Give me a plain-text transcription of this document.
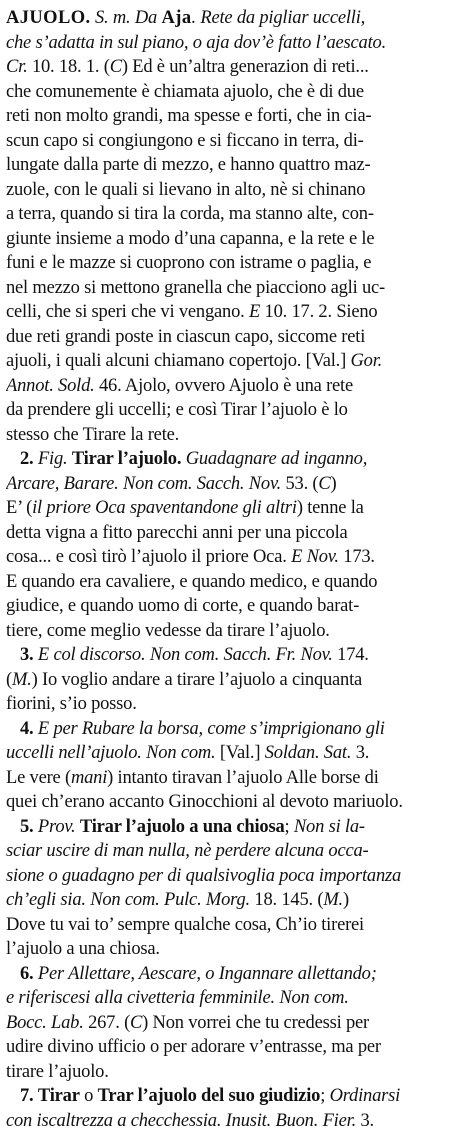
AJUOLO. S. m. Da Aja. Rete da pigliar uccelli,
che s’adatta in sul piano, o aja dov’è fatto l’aescato.
Cr. 10. 18. 1. (C) Ed è un’altra generazion di reti...
che comunemente è chiamata ajuolo, che è di due
reti non molto grandi, ma spesse e forti, che in cia-
scun capo si congiungono e si ficcano in terra, di-
lungate dalla parte di mezzo, e hanno quattro maz-
zuole, con le quali si lievano in alto, nè si chinano
a terra, quando si tira la corda, ma stanno alte, con-
giunte insieme a modo d’una capanna, e la rete e le
funi e le mazze si cuoprono con istrame o paglia, e
nel mezzo si mettono granella che piacciono agli uc-
celli, che si speri che vi vengano. E 10. 17. 2. Sieno
due reti grandi poste in ciascun capo, siccome reti
ajuoli, i quali alcuni chiamano copertojo. [Val.] Gor.
Annot. Sold. 46. Ajolo, ovvero Ajuolo è una rete
da prendere gli uccelli; e così Tirar l’ajuolo è lo
stesso che Tirare la rete.
2. Fig. Tirar l’ajuolo. Guadagnare ad inganno,
Arcare, Barare. Non com. Sacch. Nov. 53. (C)
E’ (il priore Oca spaventandone gli altri) tenne la
detta vigna a fitto parecchi anni per una piccola
cosa... e così tirò l’ajuolo il priore Oca. E Nov. 173.
E quando era cavaliere, e quando medico, e quando
giudice, e quando uomo di corte, e quando barat-
tiere, come meglio vedesse da tirare l’ajuolo.
3. E col discorso. Non com. Sacch. Fr. Nov. 174.
(M.) Io voglio andare a tirare l’ajuolo a cinquanta
fiorini, s’io posso.
4. E per Rubare la borsa, come s’imprigionano gli
uccelli nell’ajuolo. Non com. [Val.] Soldan. Sat. 3.
Le vere (mani) intanto tiravan l’ajuolo Alle borse di
quei ch’erano accanto Ginocchioni al devoto mariuolo.
5. Prov. Tirar l’ajuolo a una chiosa; Non si la-
sciar uscire di man nulla, nè perdere alcuna occa-
sione o guadagno per di qualsivoglia poca importanza
ch’egli sia. Non com. Pulc. Morg. 18. 145. (M.)
Dove tu vai to’ sempre qualche cosa, Ch’io tirerei
l’ajuolo a una chiosa.
6. Per Allettare, Aescare, o Ingannare allettando;
e riferiscesi alla civetteria femminile. Non com.
Bocc. Lab. 267. (C) Non vorrei che tu credessi per
udire divino ufficio o per adorare v’entrasse, ma per
tirare l’ajuolo.
7. Tirar o Trar l’ajuolo del suo giudizio; Ordinarsi
con iscaltrezza a checchessia. Inusit. Buon. Fier. 3.
